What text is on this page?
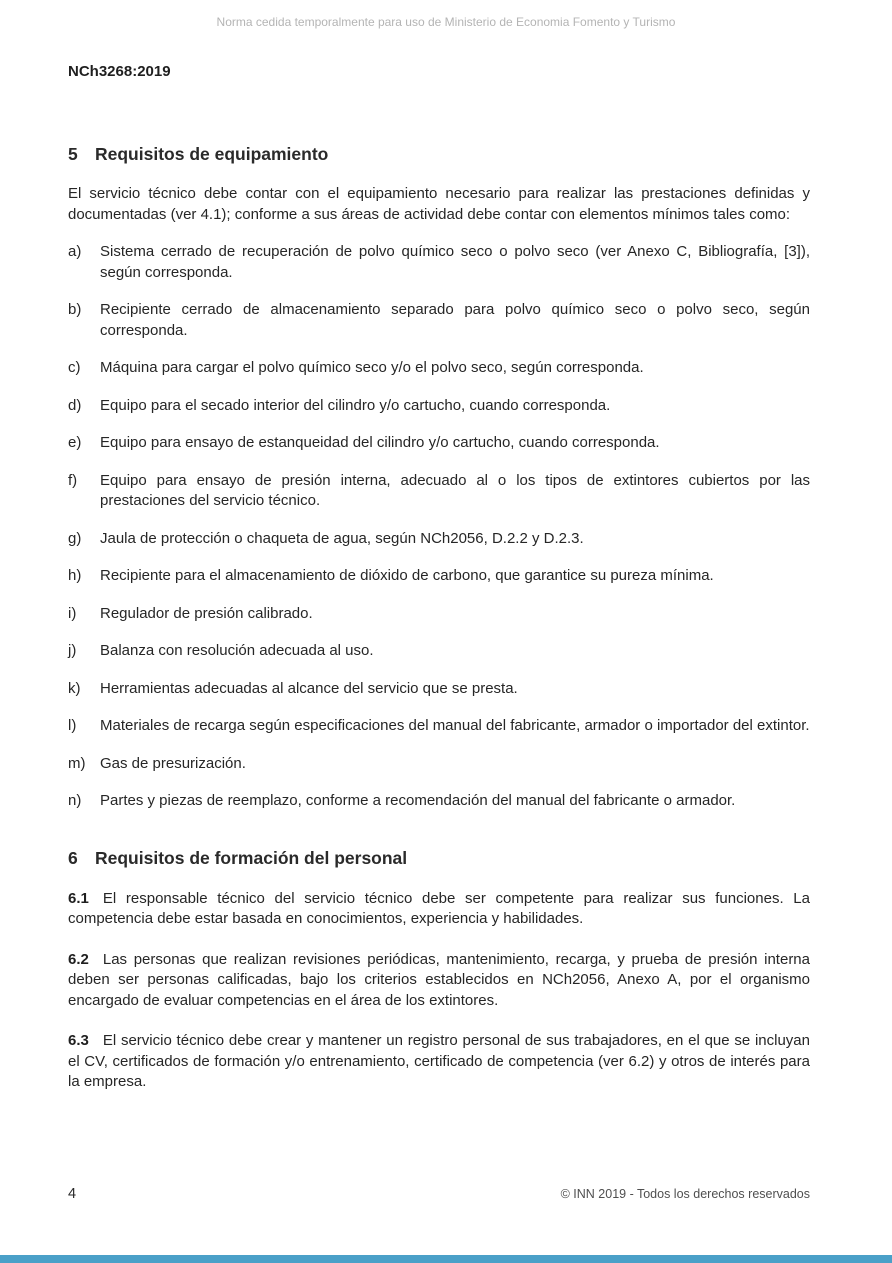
Norma cedida temporalmente para uso de Ministerio de Economia Fomento y Turismo
NCh3268:2019
5 Requisitos de equipamiento

El servicio técnico debe contar con el equipamiento necesario para realizar las prestaciones definidas y documentadas (ver 4.1); conforme a sus áreas de actividad debe contar con elementos mínimos tales como:

a)	Sistema cerrado de recuperación de polvo químico seco o polvo seco (ver Anexo C, Bibliografía, [3]), según corresponda.
b)	Recipiente cerrado de almacenamiento separado para polvo químico seco o polvo seco, según corresponda.
c)	Máquina para cargar el polvo químico seco y/o el polvo seco, según corresponda.
d)	Equipo para el secado interior del cilindro y/o cartucho, cuando corresponda.
e)	Equipo para ensayo de estanqueidad del cilindro y/o cartucho, cuando corresponda.
f)	Equipo para ensayo de presión interna, adecuado al o los tipos de extintores cubiertos por las prestaciones del servicio técnico.
g)	Jaula de protección o chaqueta de agua, según NCh2056, D.2.2 y D.2.3.
h)	Recipiente para el almacenamiento de dióxido de carbono, que garantice su pureza mínima.
i)	Regulador de presión calibrado.
j)	Balanza con resolución adecuada al uso.
k)	Herramientas adecuadas al alcance del servicio que se presta.
l)	Materiales de recarga según especificaciones del manual del fabricante, armador o importador del extintor.
m) Gas de presurización.
n)	Partes y piezas de reemplazo, conforme a recomendación del manual del fabricante o armador.
6 Requisitos de formación del personal

6.1 El responsable técnico del servicio técnico debe ser competente para realizar sus funciones. La competencia debe estar basada en conocimientos, experiencia y habilidades.

6.2 Las personas que realizan revisiones periódicas, mantenimiento, recarga, y prueba de presión interna deben ser personas calificadas, bajo los criterios establecidos en NCh2056, Anexo A, por el organismo encargado de evaluar competencias en el área de los extintores.

6.3 El servicio técnico debe crear y mantener un registro personal de sus trabajadores, en el que se incluyan el CV, certificados de formación y/o entrenamiento, certificado de competencia (ver 6.2) y otros de interés para la empresa.

4	© INN 2019 - Todos los derechos reservados
